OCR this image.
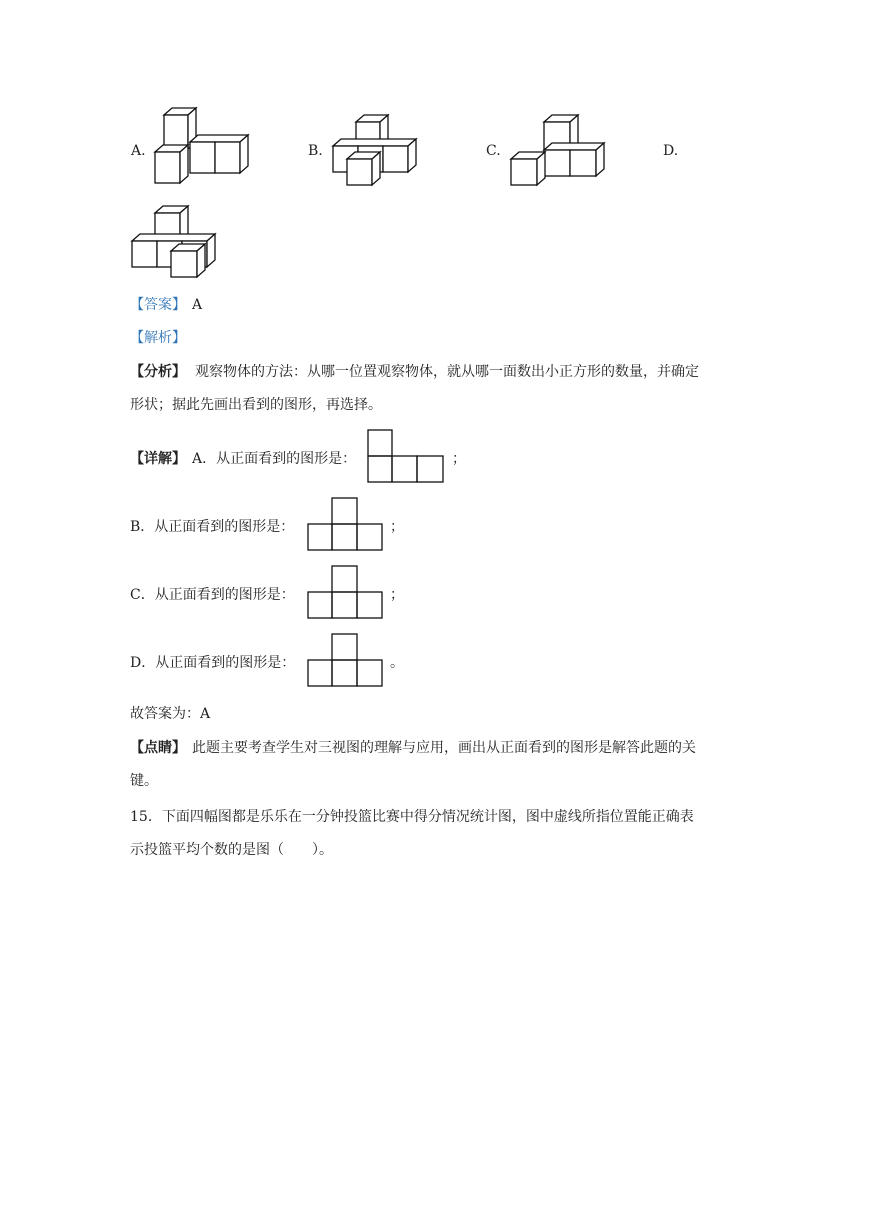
A.	B.	C.	D.
【答案】 A
【解析】
【分析】 观察物体的方法：从哪一位置观察物体，就从哪一面数出小正方形的数量，并确定
形状；据此先画出看到的图形，再选择。
【详解】 A．从正面看到的图形是：	；
B．从正面看到的图形是：	；
C．从正面看到的图形是：	；
D．从正面看到的图形是：	。
故答案为：A
【点睛】 此题主要考查学生对三视图的理解与应用，画出从正面看到的图形是解答此题的关
键。
15．下面四幅图都是乐乐在一分钟投篮比赛中得分情况统计图，图中虚线所指位置能正确表
示投篮平均个数的是图（　　）。
